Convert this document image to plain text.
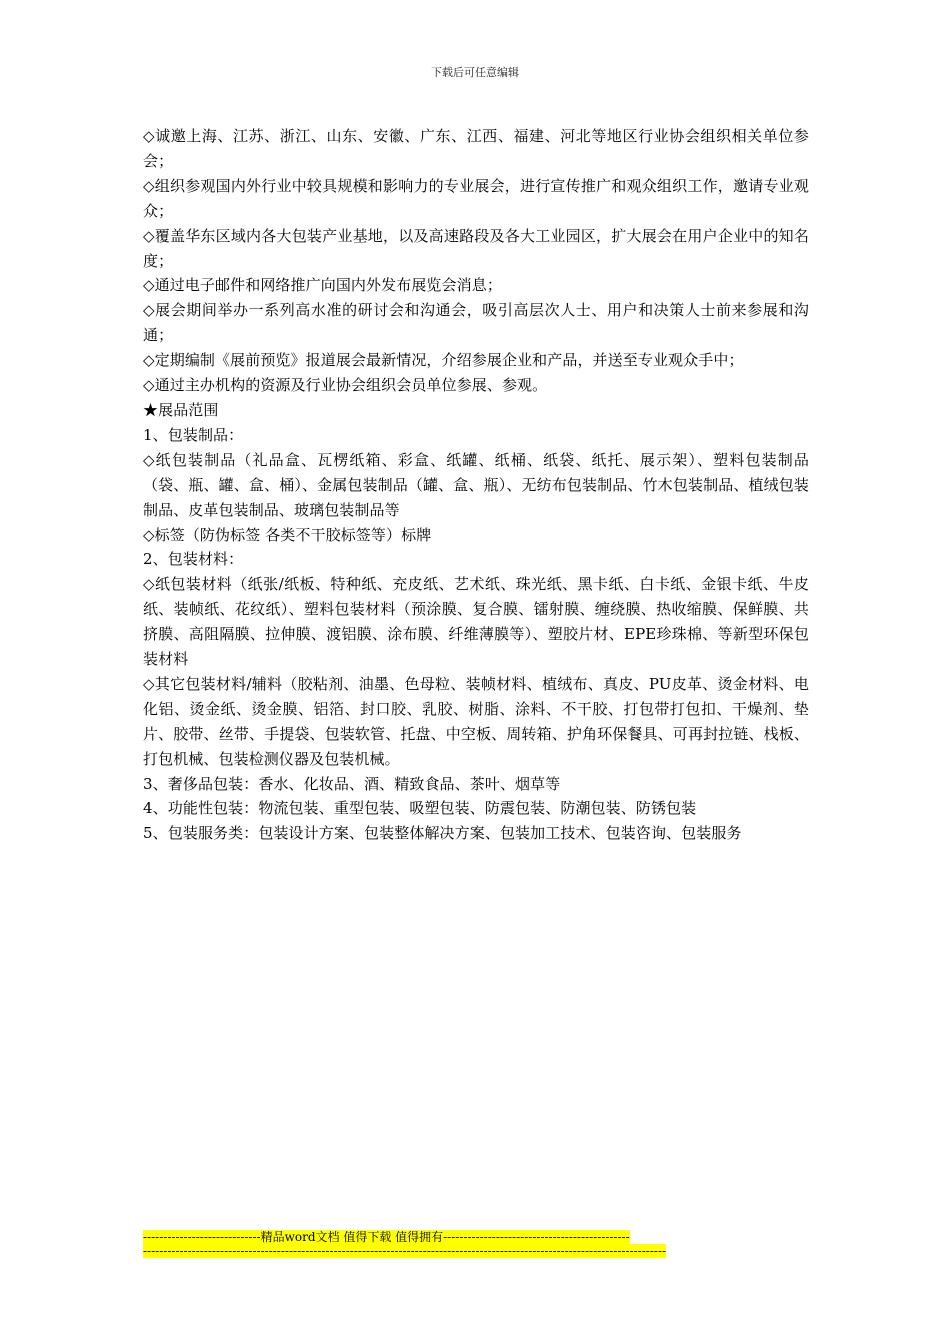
下载后可任意编辑

◇诚邀上海、江苏、浙江、山东、安徽、广东、江西、福建、河北等地区行业协会组织相关单位参会；

◇组织参观国内外行业中较具规模和影响力的专业展会，进行宣传推广和观众组织工作，邀请专业观众；

◇覆盖华东区域内各大包装产业基地，以及高速路段及各大工业园区，扩大展会在用户企业中的知名度；

◇通过电子邮件和网络推广向国内外发布展览会消息；

◇展会期间举办一系列高水准的研讨会和沟通会，吸引高层次人士、用户和决策人士前来参展和沟通；

◇定期编制《展前预览》报道展会最新情况，介绍参展企业和产品，并送至专业观众手中；

◇通过主办机构的资源及行业协会组织会员单位参展、参观。

★展品范围

1、包装制品：

◇纸包装制品（礼品盒、瓦楞纸箱、彩盒、纸罐、纸桶、纸袋、纸托、展示架）、塑料包装制品（袋、瓶、罐、盒、桶）、金属包装制品（罐、盒、瓶）、无纺布包装制品、竹木包装制品、植绒包装制品、皮革包装制品、玻璃包装制品等

◇标签（防伪标签 各类不干胶标签等）标牌

2、包装材料：

◇纸包装材料（纸张/纸板、特种纸、充皮纸、艺术纸、珠光纸、黑卡纸、白卡纸、金银卡纸、牛皮纸、装帧纸、花纹纸）、塑料包装材料（预涂膜、复合膜、镭射膜、缠绕膜、热收缩膜、保鲜膜、共挤膜、高阻隔膜、拉伸膜、渡铝膜、涂布膜、纤维薄膜等）、塑胶片材、EPE珍珠棉、等新型环保包装材料

◇其它包装材料/辅料（胶粘剂、油墨、色母粒、装帧材料、植绒布、真皮、PU皮革、烫金材料、电化铝、烫金纸、烫金膜、铝箔、封口胶、乳胶、树脂、涂料、不干胶、打包带打包扣、干燥剂、垫片、胶带、丝带、手提袋、包装软管、托盘、中空板、周转箱、护角环保餐具、可再封拉链、栈板、打包机械、包装检测仪器及包装机械。

3、奢侈品包装：香水、化妆品、酒、精致食品、茶叶、烟草等

4、功能性包装：物流包装、重型包装、吸塑包装、防震包装、防潮包装、防锈包装

5、包装服务类：包装设计方案、包装整体解决方案、包装加工技术、包装咨询、包装服务

-----------------------------精品word文档 值得下载 值得拥有----------------------------------------------
---------------------------------------------------------------------------------------------------------------------------------
